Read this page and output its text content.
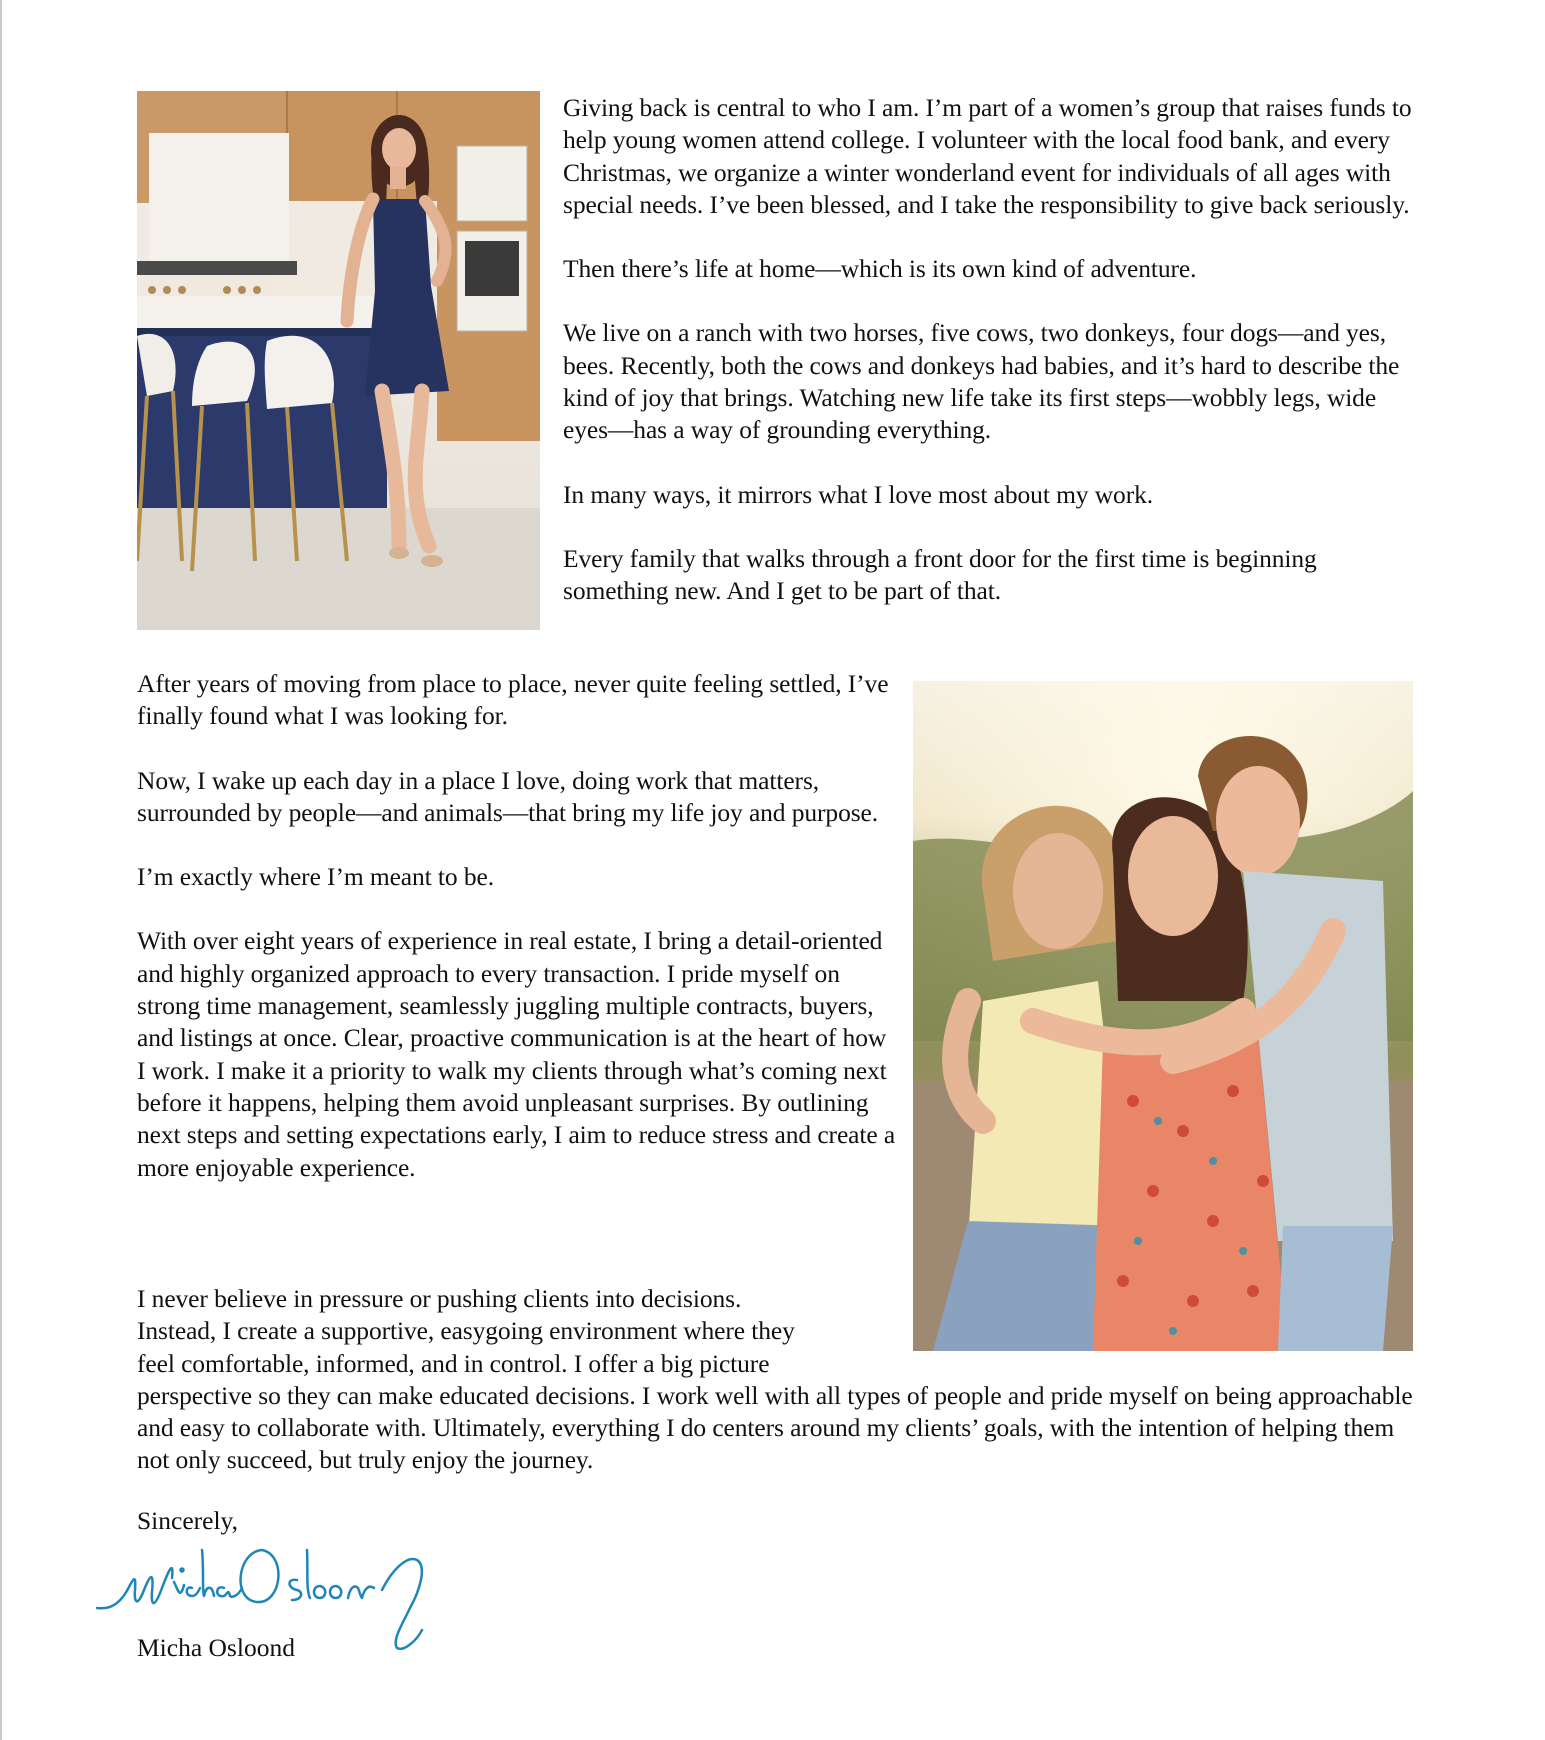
Giving back is central to who I am. I’m part of a women’s group that raises funds to help young women attend college. I volunteer with the local food bank, and every Christmas, we organize a winter wonderland event for individuals of all ages with special needs. I’ve been blessed, and I take the responsibility to give back seriously.

Then there’s life at home—which is its own kind of adventure.

We live on a ranch with two horses, five cows, two donkeys, four dogs—and yes, bees. Recently, both the cows and donkeys had babies, and it’s hard to describe the kind of joy that brings. Watching new life take its first steps—wobbly legs, wide eyes—has a way of grounding everything.

In many ways, it mirrors what I love most about my work.

Every family that walks through a front door for the first time is beginning something new. And I get to be part of that.

After years of moving from place to place, never quite feeling settled, I’ve finally found what I was looking for.

Now, I wake up each day in a place I love, doing work that matters, surrounded by people—and animals—that bring my life joy and purpose.

I’m exactly where I’m meant to be.

With over eight years of experience in real estate, I bring a detail-oriented and highly organized approach to every transaction. I pride myself on strong time management, seamlessly juggling multiple contracts, buyers, and listings at once. Clear, proactive communication is at the heart of how I work. I make it a priority to walk my clients through what’s coming next before it happens, helping them avoid unpleasant surprises. By outlining next steps and setting expectations early, I aim to reduce stress and create a more enjoyable experience.

I never believe in pressure or pushing clients into decisions.
Instead, I create a supportive, easygoing environment where they
feel comfortable, informed, and in control. I offer a big picture
perspective so they can make educated decisions. I work well with all types of people and pride myself on being approachable and easy to collaborate with. Ultimately, everything I do centers around my clients’ goals, with the intention of helping them not only succeed, but truly enjoy the journey.
Sincerely,
Micha Osloond
